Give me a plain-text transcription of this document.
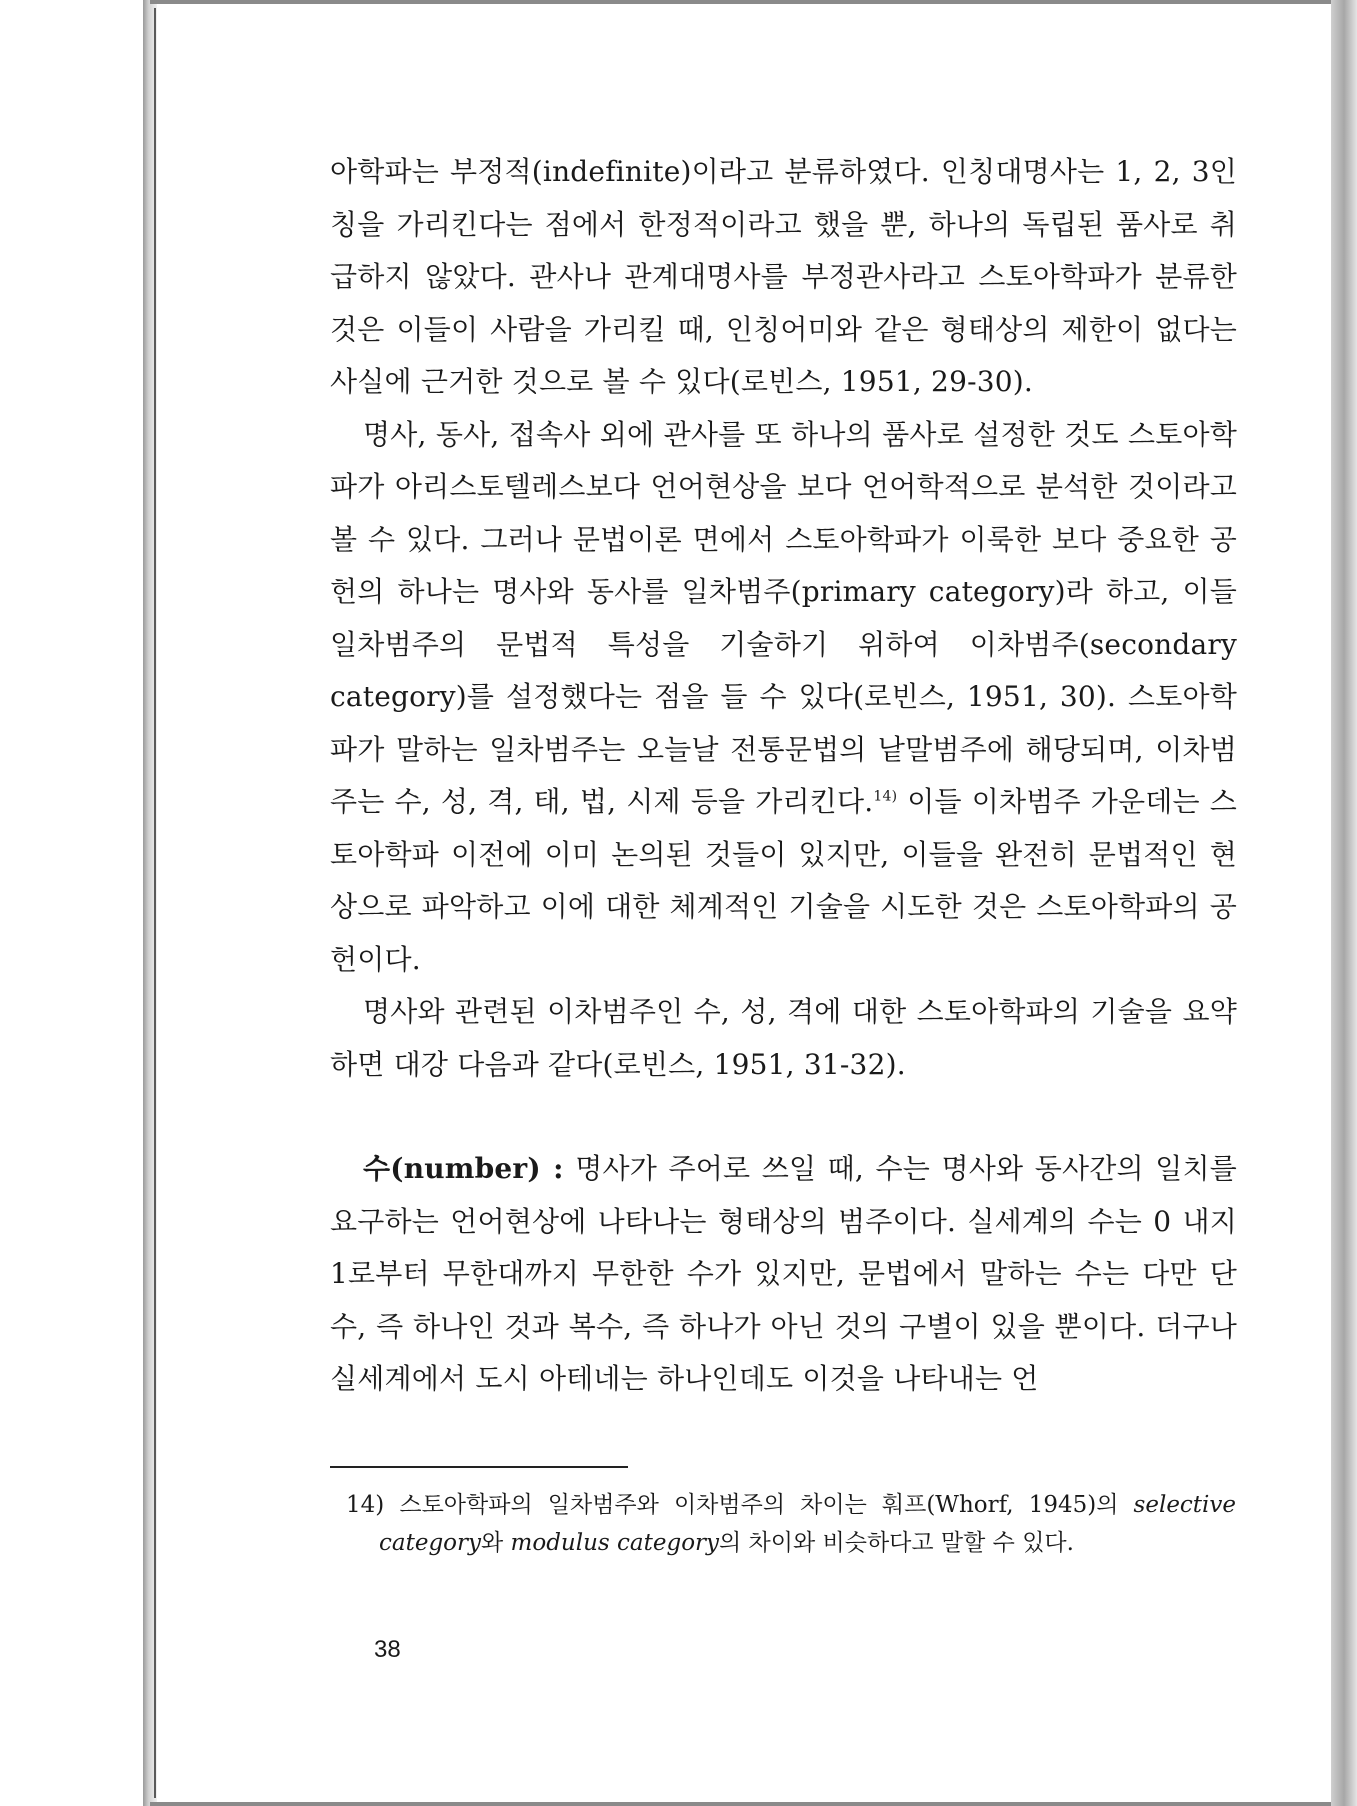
아학파는 부정적(indefinite)이라고 분류하였다. 인칭대명사는 1, 2, 3인칭을 가리킨다는 점에서 한정적이라고 했을 뿐, 하나의 독립된 품사로 취급하지 않았다. 관사나 관계대명사를 부정관사라고 스토아학파가 분류한 것은 이들이 사람을 가리킬 때, 인칭어미와 같은 형태상의 제한이 없다는 사실에 근거한 것으로 볼 수 있다(로빈스, 1951, 29-30).

명사, 동사, 접속사 외에 관사를 또 하나의 품사로 설정한 것도 스토아학파가 아리스토텔레스보다 언어현상을 보다 언어학적으로 분석한 것이라고 볼 수 있다. 그러나 문법이론 면에서 스토아학파가 이룩한 보다 중요한 공헌의 하나는 명사와 동사를 일차범주(primary category)라 하고, 이들 일차범주의 문법적 특성을 기술하기 위하여 이차범주(secondary category)를 설정했다는 점을 들 수 있다(로빈스, 1951, 30). 스토아학파가 말하는 일차범주는 오늘날 전통문법의 낱말범주에 해당되며, 이차범주는 수, 성, 격, 태, 법, 시제 등을 가리킨다.$^{14)}$ 이들 이차범주 가운데는 스토아학파 이전에 이미 논의된 것들이 있지만, 이들을 완전히 문법적인 현상으로 파악하고 이에 대한 체계적인 기술을 시도한 것은 스토아학파의 공헌이다.

명사와 관련된 이차범주인 수, 성, 격에 대한 스토아학파의 기술을 요약하면 대강 다음과 같다(로빈스, 1951, 31-32).

수(number) : 명사가 주어로 쓰일 때, 수는 명사와 동사간의 일치를 요구하는 언어현상에 나타나는 형태상의 범주이다. 실세계의 수는 0 내지 1로부터 무한대까지 무한한 수가 있지만, 문법에서 말하는 수는 다만 단수, 즉 하나인 것과 복수, 즉 하나가 아닌 것의 구별이 있을 뿐이다. 더구나 실세계에서 도시 아테네는 하나인데도 이것을 나타내는 언

14) 스토아학파의 일차범주와 이차범주의 차이는 훠프(Whorf, 1945)의 selective category와 modulus category의 차이와 비슷하다고 말할 수 있다.
38
